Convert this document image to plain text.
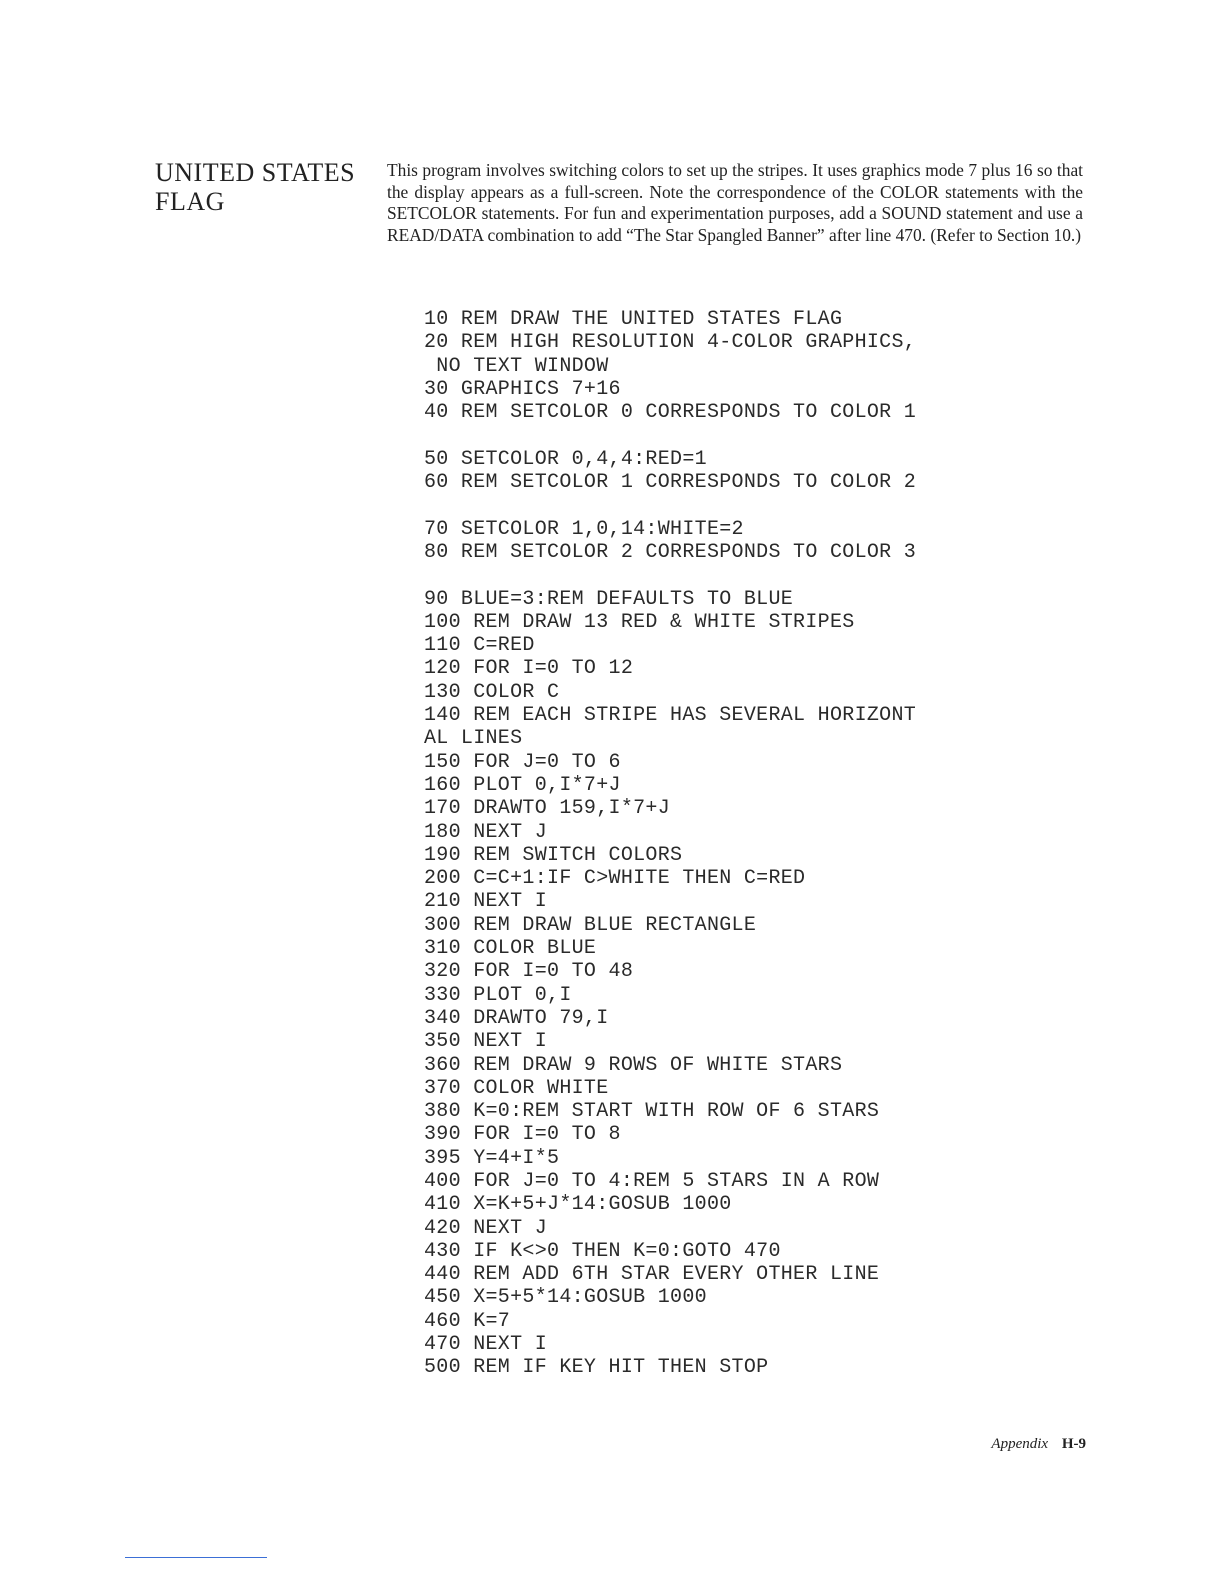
UNITED STATES
FLAG

This program involves switching colors to set up the stripes. It uses graphics mode 7 plus 16 so that the display appears as a full-screen. Note the correspondence of the COLOR statements with the SETCOLOR statements. For fun and experimentation purposes, add a SOUND statement and use a READ/DATA combination to add “The Star Spangled Banner” after line 470. (Refer to Section 10.)

10 REM DRAW THE UNITED STATES FLAG
20 REM HIGH RESOLUTION 4-COLOR GRAPHICS,
NO TEXT WINDOW
30 GRAPHICS 7+16
40 REM SETCOLOR 0 CORRESPONDS TO COLOR 1
50 SETCOLOR 0,4,4:RED=1
60 REM SETCOLOR 1 CORRESPONDS TO COLOR 2
70 SETCOLOR 1,0,14:WHITE=2
80 REM SETCOLOR 2 CORRESPONDS TO COLOR 3
90 BLUE=3:REM DEFAULTS TO BLUE
100 REM DRAW 13 RED & WHITE STRIPES
110 C=RED
120 FOR I=0 TO 12
130 COLOR C
140 REM EACH STRIPE HAS SEVERAL HORIZONT
AL LINES
150 FOR J=0 TO 6
160 PLOT 0,I*7+J
170 DRAWTO 159,I*7+J
180 NEXT J
190 REM SWITCH COLORS
200 C=C+1:IF C>WHITE THEN C=RED
210 NEXT I
300 REM DRAW BLUE RECTANGLE
310 COLOR BLUE
320 FOR I=0 TO 48
330 PLOT 0,I
340 DRAWTO 79,I
350 NEXT I
360 REM DRAW 9 ROWS OF WHITE STARS
370 COLOR WHITE
380 K=0:REM START WITH ROW OF 6 STARS
390 FOR I=0 TO 8
395 Y=4+I*5
400 FOR J=0 TO 4:REM 5 STARS IN A ROW
410 X=K+5+J*14:GOSUB 1000
420 NEXT J
430 IF K<>0 THEN K=0:GOTO 470
440 REM ADD 6TH STAR EVERY OTHER LINE
450 X=5+5*14:GOSUB 1000
460 K=7
470 NEXT I
500 REM IF KEY HIT THEN STOP
Appendix H-9
